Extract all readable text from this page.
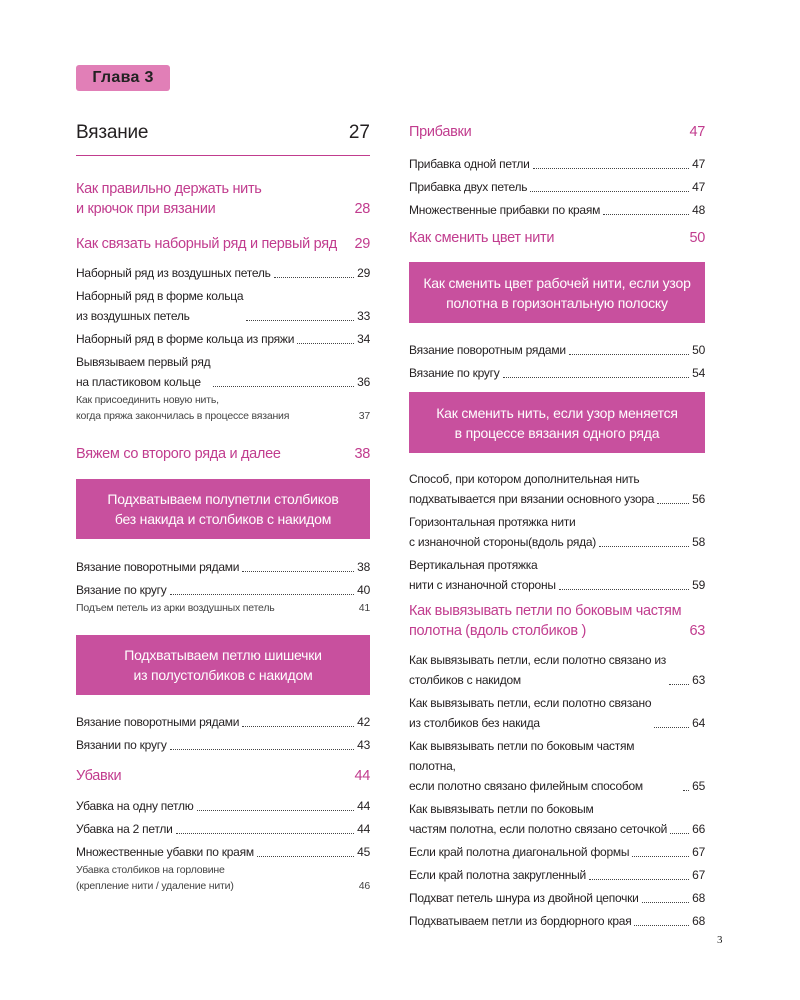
Глава 3
Вязание	27
Как правильно держать нить
и крючок при вязании	28
Как связать наборный ряд и первый ряд 29
Наборный ряд из воздушных петель	29
Наборный ряд в форме кольца
из воздушных петель	33
Наборный ряд в форме кольца из пряжи	34
Вывязываем первый ряд
на пластиковом кольце	36
Как присоединить новую нить,
когда пряжа закончилась в процессе вязания	37
Вяжем со второго ряда и далее	38
Подхватываем полупетли столбиков
без накида и столбиков с накидом
Вязание поворотными рядами	38
Вязание по кругу	40
Подъем петель из арки воздушных петель	41
Подхватываем петлю шишечки
из полустолбиков с накидом
Вязание поворотными рядами	42
Вязании по кругу	43
Убавки	44
Убавка на одну петлю	44
Убавка на 2 петли	44
Множественные убавки по краям	45
Убавка столбиков на горловине
(крепление нити / удаление нити)	46
Прибавки	47
Прибавка одной петли	47
Прибавка двух петель	47
Множественные прибавки по краям	48
Как сменить цвет нити	50
Как сменить цвет рабочей нити, если узор
полотна в горизонтальную полоску
Вязание поворотным рядами	50
Вязание по кругу	54
Как сменить нить, если узор меняется
в процессе вязания одного ряда
Способ, при котором дополнительная нить
подхватывается при вязании основного узора	56
Горизонтальная протяжка нити
с изнаночной стороны(вдоль ряда)	58
Вертикальная протяжка
нити с изнаночной стороны	59
Как вывязывать петли по боковым частям
полотна (вдоль столбиков )	63
Как вывязывать петли, если полотно связано из
столбиков с накидом	63
Как вывязывать петли, если полотно связано
из столбиков без накида	64
Как вывязывать петли по боковым частям полотна,
если полотно связано филейным способом	65
Как вывязывать петли по боковым
частям полотна, если полотно связано сеточкой 66
Если край полотна диагональной формы	67
Если край полотна закругленный	67
Подхват петель шнура из двойной цепочки	68
Подхватываем петли из бордюрного края	68
3
